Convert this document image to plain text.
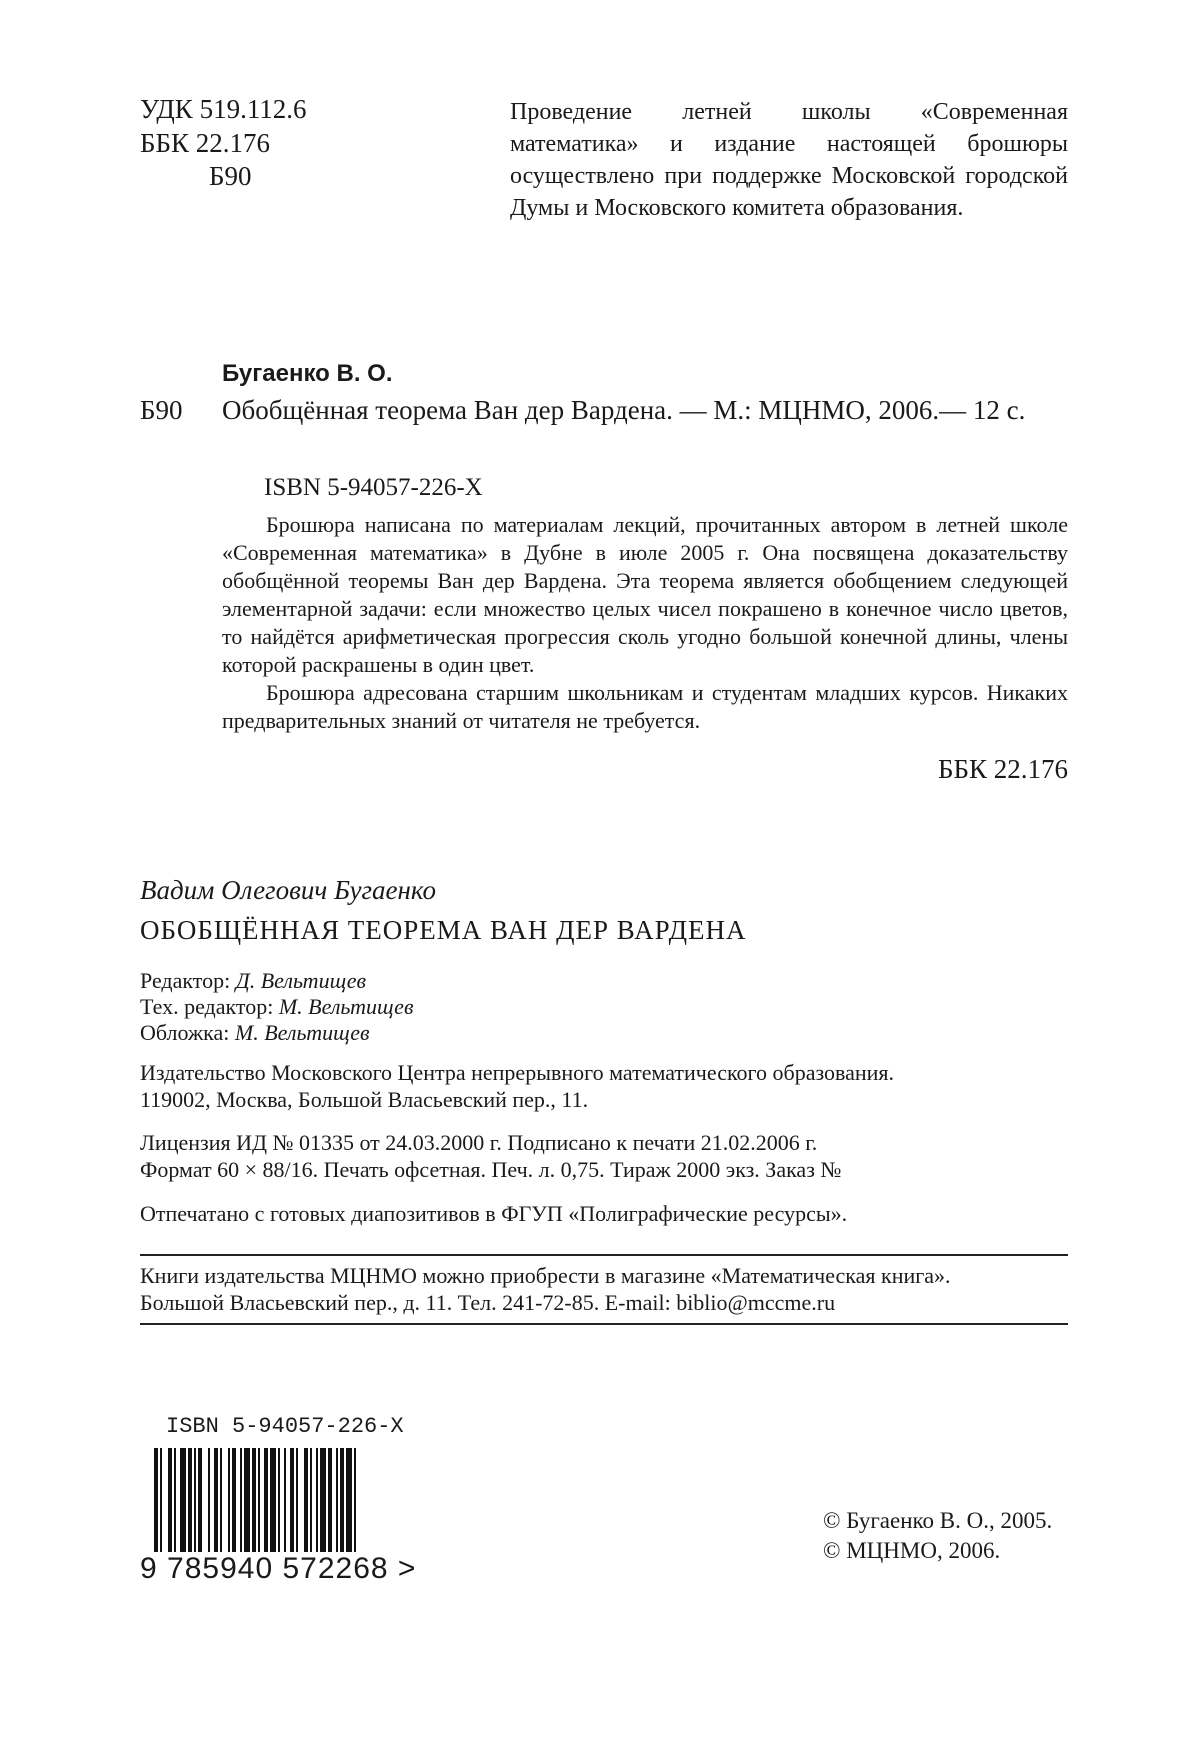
УДК 519.112.6
ББК 22.176
Б90
Проведение летней школы «Современная математика» и издание настоящей брошюры осуществлено при поддержке Московской городской Думы и Московского комитета образования.
Бугаенко В. О.
Б90 Обобщённая теорема Ван дер Вардена. — М.: МЦНМО, 2006.— 12 с.
ISBN 5-94057-226-X

Брошюра написана по материалам лекций, прочитанных автором в летней школе «Современная математика» в Дубне в июле 2005 г. Она посвящена доказательству обобщённой теоремы Ван дер Вардена. Эта теорема является обобщением следующей элементарной задачи: если множество целых чисел покрашено в конечное число цветов, то найдётся арифметическая прогрессия сколь угодно большой конечной длины, члены которой раскрашены в один цвет.

Брошюра адресована старшим школьникам и студентам младших курсов. Никаких предварительных знаний от читателя не требуется.

ББК 22.176
Вадим Олегович Бугаенко
ОБОБЩЁННАЯ ТЕОРЕМА ВАН ДЕР ВАРДЕНА
Редактор: Д. Вельтищев
Тех. редактор: М. Вельтищев
Обложка: М. Вельтищев
Издательство Московского Центра непрерывного математического образования.
119002, Москва, Большой Власьевский пер., 11.
Лицензия ИД № 01335 от 24.03.2000 г. Подписано к печати 21.02.2006 г.
Формат 60 × 88/16. Печать офсетная. Печ. л. 0,75. Тираж 2000 экз. Заказ №
Отпечатано с готовых диапозитивов в ФГУП «Полиграфические ресурсы».
Книги издательства МЦНМО можно приобрести в магазине «Математическая книга».
Большой Власьевский пер., д. 11. Тел. 241-72-85. E-mail: biblio@mccme.ru
ISBN 5-94057-226-X
9 785940 572268 >
© Бугаенко В. О., 2005.
© МЦНМО, 2006.
